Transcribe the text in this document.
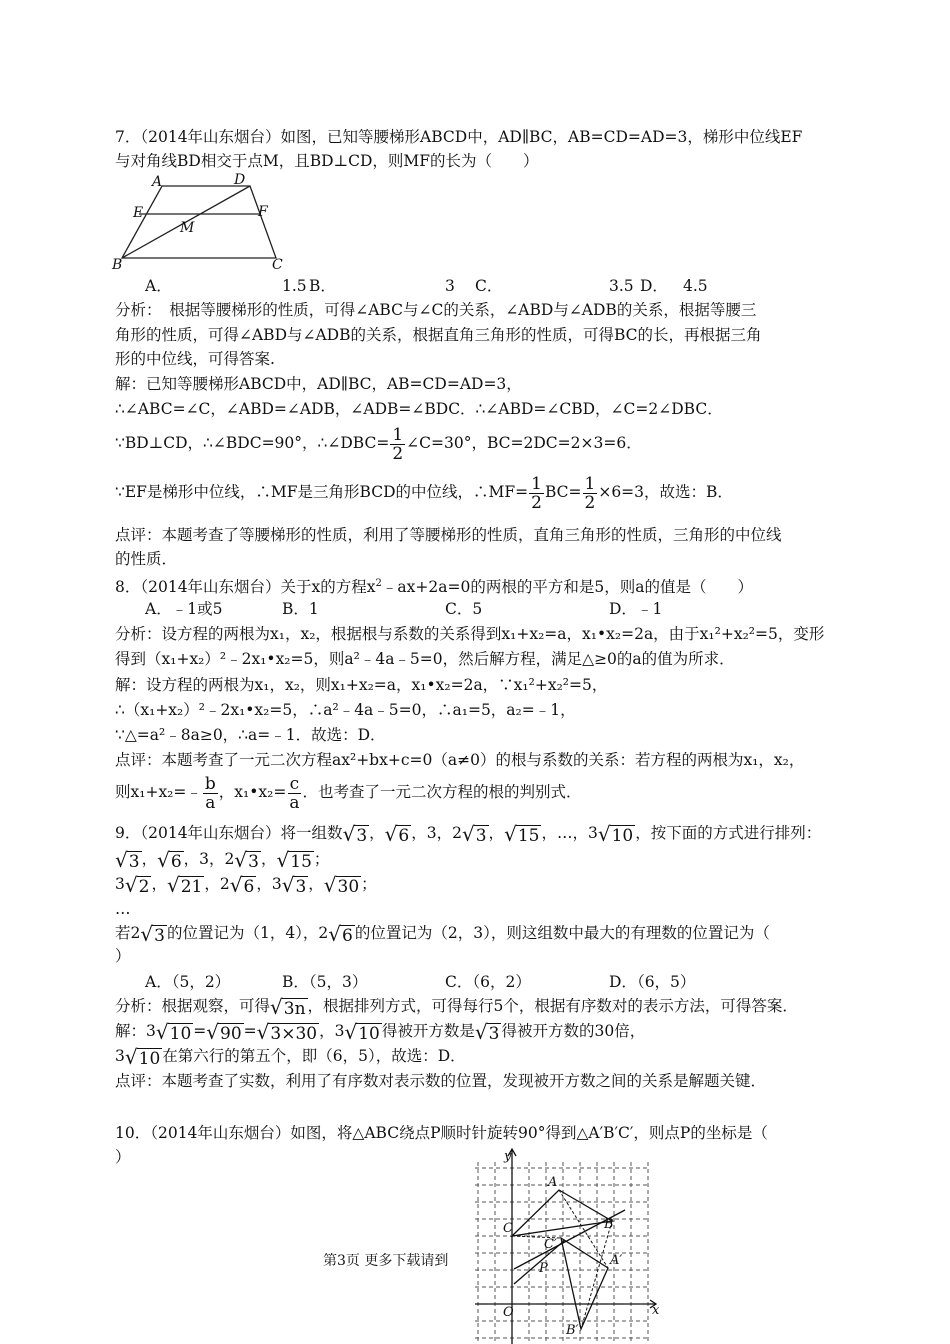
7．（2014年山东烟台）如图，已知等腰梯形ABCD中，AD∥BC，AB=CD=AD=3，梯形中位线EF
与对角线BD相交于点M，且BD⊥CD，则MF的长为（　　）
A	D
E	F
M
B	C
A．	1.5 B．	3 C．	3.5 D． 4.5
分析：　根据等腰梯形的性质，可得∠ABC与∠C的关系，∠ABD与∠ADB的关系，根据等腰三
角形的性质，可得∠ABD与∠ADB的关系，根据直角三角形的性质，可得BC的长，再根据三角
形的中位线，可得答案.
解：已知等腰梯形ABCD中，AD∥BC，AB=CD=AD=3，
∴∠ABC=∠C，∠ABD=∠ADB，∠ADB=∠BDC．∴∠ABD=∠CBD，∠C=2∠DBC．
∵BD⊥CD，∴∠BDC=90°，∴∠DBC= $\frac{1}{2}$ ∠C=30°，BC=2DC=2×3=6．
∵EF是梯形中位线，∴MF是三角形BCD的中位线，∴MF= $\frac{1}{2} BC= \frac{1}{2} \times 6=3$，故选：B．
点评：本题考查了等腰梯形的性质，利用了等腰梯形的性质，直角三角形的性质，三角形的中位线
的性质．
8．（2014年山东烟台）关于x的方程$x^2﹣ax+2a=0$的两根的平方和是5，则a的值是（　　）
A．﹣1或5	B．1	C．5	D．﹣1
分析：设方程的两根为x₁，x₂，根据根与系数的关系得到x₁+x₂=a，x₁•x₂=2a，由于x₁²+x₂²=5，变形
得到（x₁+x₂）²﹣2x₁•x₂=5，则a²﹣4a﹣5=0，然后解方程，满足△≥0的a的值为所求．
解：设方程的两根为x₁，x₂，则x₁+x₂=a，x₁•x₂=2a，∵x₁²+x₂²=5，
∴（x₁+x₂）²﹣2x₁•x₂=5，∴a²﹣4a﹣5=0，∴a₁=5，a₂=﹣1，
∵△=a²﹣8a≥0，∴a=﹣1．故选：D．
点评：本题考查了一元二次方程ax²+bx+c=0（a≠0）的根与系数的关系：若方程的两根为x₁，x₂，
则x₁+x₂=﹣ $\frac{b}{a}$ ，x₁•x₂= $\frac{c}{a}$ ．也考查了一元二次方程的根的判别式．
9．（2014年山东烟台）将一组数 √ 3 ， √ 6 ，3，2 √ 3 ， √ 15 ，…，3 √ 10 ，按下面的方式进行排列：
√ 3 ， √ 6 ，3，2 √ 3 ， √ 15 ；
3 √ 2 ， √ 21 ，2 √ 6 ，3 √ 3 ， √ 30 ；
…
若2 √ 3 的位置记为（1，4），2 √ 6 的位置记为（2，3），则这组数中最大的有理数的位置记为（
）
A．（5，2）	B．（5，3）	C．（6，2）	D．（6，5）
分析：根据观察，可得 √ 3n ，根据排列方式，可得每行5个，根据有序数对的表示方法，可得答案．
解：3 √ 10 = √ 90 = √ 3×30 ，3 √ 10 得被开方数是 √ 3 得被开方数的30倍，
3 √ 10 在第六行的第五个，即（6，5），故选：D．
点评：本题考查了实数，利用了有序数对表示数的位置，发现被开方数之间的关系是解题关键．
10．（2014年山东烟台）如图，将△ABC绕点P顺时针旋转90°得到△A′B′C′，则点P的坐标是（
）	y
x
O
A
B
C
P
A′
B′
C′
第3页 更多下载请到
